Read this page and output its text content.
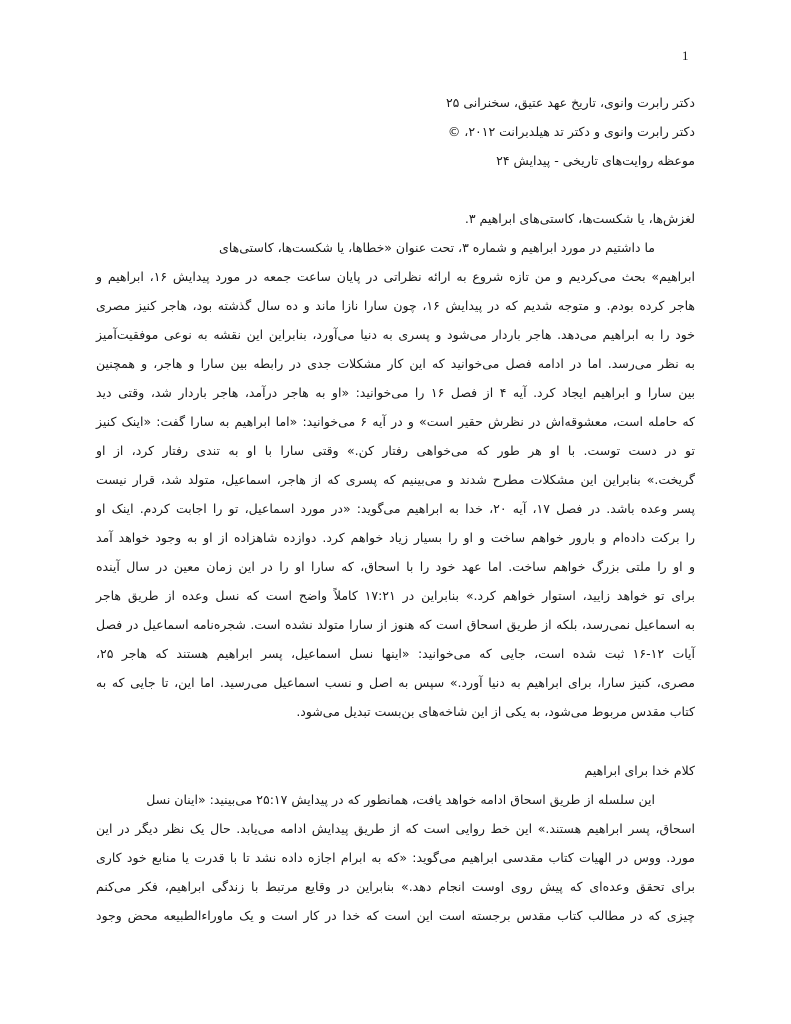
1
دکتر رابرت وانوی، تاریخ عهد عتیق، سخنرانی ۲۵
دکتر رابرت وانوی و دکتر تد هیلدبرانت ۲۰۱۲، ©
موعظه روایت‌های تاریخی - پیدایش ۲۴
لغزش‌ها، یا شکست‌ها، کاستی‌های ابراهیم ۳.
ما داشتیم در مورد ابراهیم و شماره ۳، تحت عنوان «خطاها، یا شکست‌ها، کاستی‌های
ابراهیم» بحث می‌کردیم و من تازه شروع به ارائه نظراتی در پایان ساعت جمعه در مورد پیدایش ۱۶، ابراهیم و
هاجر کرده بودم. و متوجه شدیم که در پیدایش ۱۶، چون سارا نازا ماند و ده سال گذشته بود، هاجر کنیز مصری
خود را به ابراهیم می‌دهد. هاجر باردار می‌شود و پسری به دنیا می‌آورد، بنابراین این نقشه به نوعی موفقیت‌آمیز
به نظر می‌رسد. اما در ادامه فصل می‌خوانید که این کار مشکلات جدی در رابطه بین سارا و هاجر، و همچنین
بین سارا و ابراهیم ایجاد کرد. آیه ۴ از فصل ۱۶ را می‌خوانید: «او به هاجر درآمد، هاجر باردار شد، وقتی دید
که حامله است، معشوقه‌اش در نظرش حقیر است» و در آیه ۶ می‌خوانید: «اما ابراهیم به سارا گفت: «اینک کنیز
تو در دست توست. با او هر طور که می‌خواهی رفتار کن.» وقتی سارا با او به تندی رفتار کرد، از او
گریخت.» بنابراین این مشکلات مطرح شدند و می‌بینیم که پسری که از هاجر، اسماعیل، متولد شد، قرار نیست
پسر وعده باشد. در فصل ۱۷، آیه ۲۰، خدا به ابراهیم می‌گوید: «در مورد اسماعیل، تو را اجابت کردم. اینک او
را برکت داده‌ام و بارور خواهم ساخت و او را بسیار زیاد خواهم کرد. دوازده شاهزاده از او به وجود خواهد آمد
و او را ملتی بزرگ خواهم ساخت. اما عهد خود را با اسحاق، که سارا او را در این زمان معین در سال آینده
برای تو خواهد زایید، استوار خواهم کرد.» بنابراین در ۱۷:۲۱ کاملاً واضح است که نسل وعده از طریق هاجر
به اسماعیل نمی‌رسد، بلکه از طریق اسحاق است که هنوز از سارا متولد نشده است. شجره‌نامه اسماعیل در فصل
آیات ۱۲-۱۶ ثبت شده است، جایی که می‌خوانید: «اینها نسل اسماعیل، پسر ابراهیم هستند که هاجر ۲۵،
مصری، کنیز سارا، برای ابراهیم به دنیا آورد.» سپس به اصل و نسب اسماعیل می‌رسید. اما این، تا جایی که به
کتاب مقدس مربوط می‌شود، به یکی از این شاخه‌های بن‌بست تبدیل می‌شود.
کلام خدا برای ابراهیم
این سلسله از طریق اسحاق ادامه خواهد یافت، همانطور که در پیدایش ۲۵:۱۷ می‌بینید: «اینان نسل
اسحاق، پسر ابراهیم هستند.» این خط روایی است که از طریق پیدایش ادامه می‌یابد. حال یک نظر دیگر در این
مورد. ووس در الهیات کتاب مقدسی ابراهیم می‌گوید: «که به ابرام اجازه داده نشد تا با قدرت یا منابع خود کاری
برای تحقق وعده‌ای که پیش روی اوست انجام دهد.» بنابراین در وقایع مرتبط با زندگی ابراهیم، فکر می‌کنم
چیزی که در مطالب کتاب مقدس برجسته است این است که خدا در کار است و یک ماوراءالطبیعه محض وجود
